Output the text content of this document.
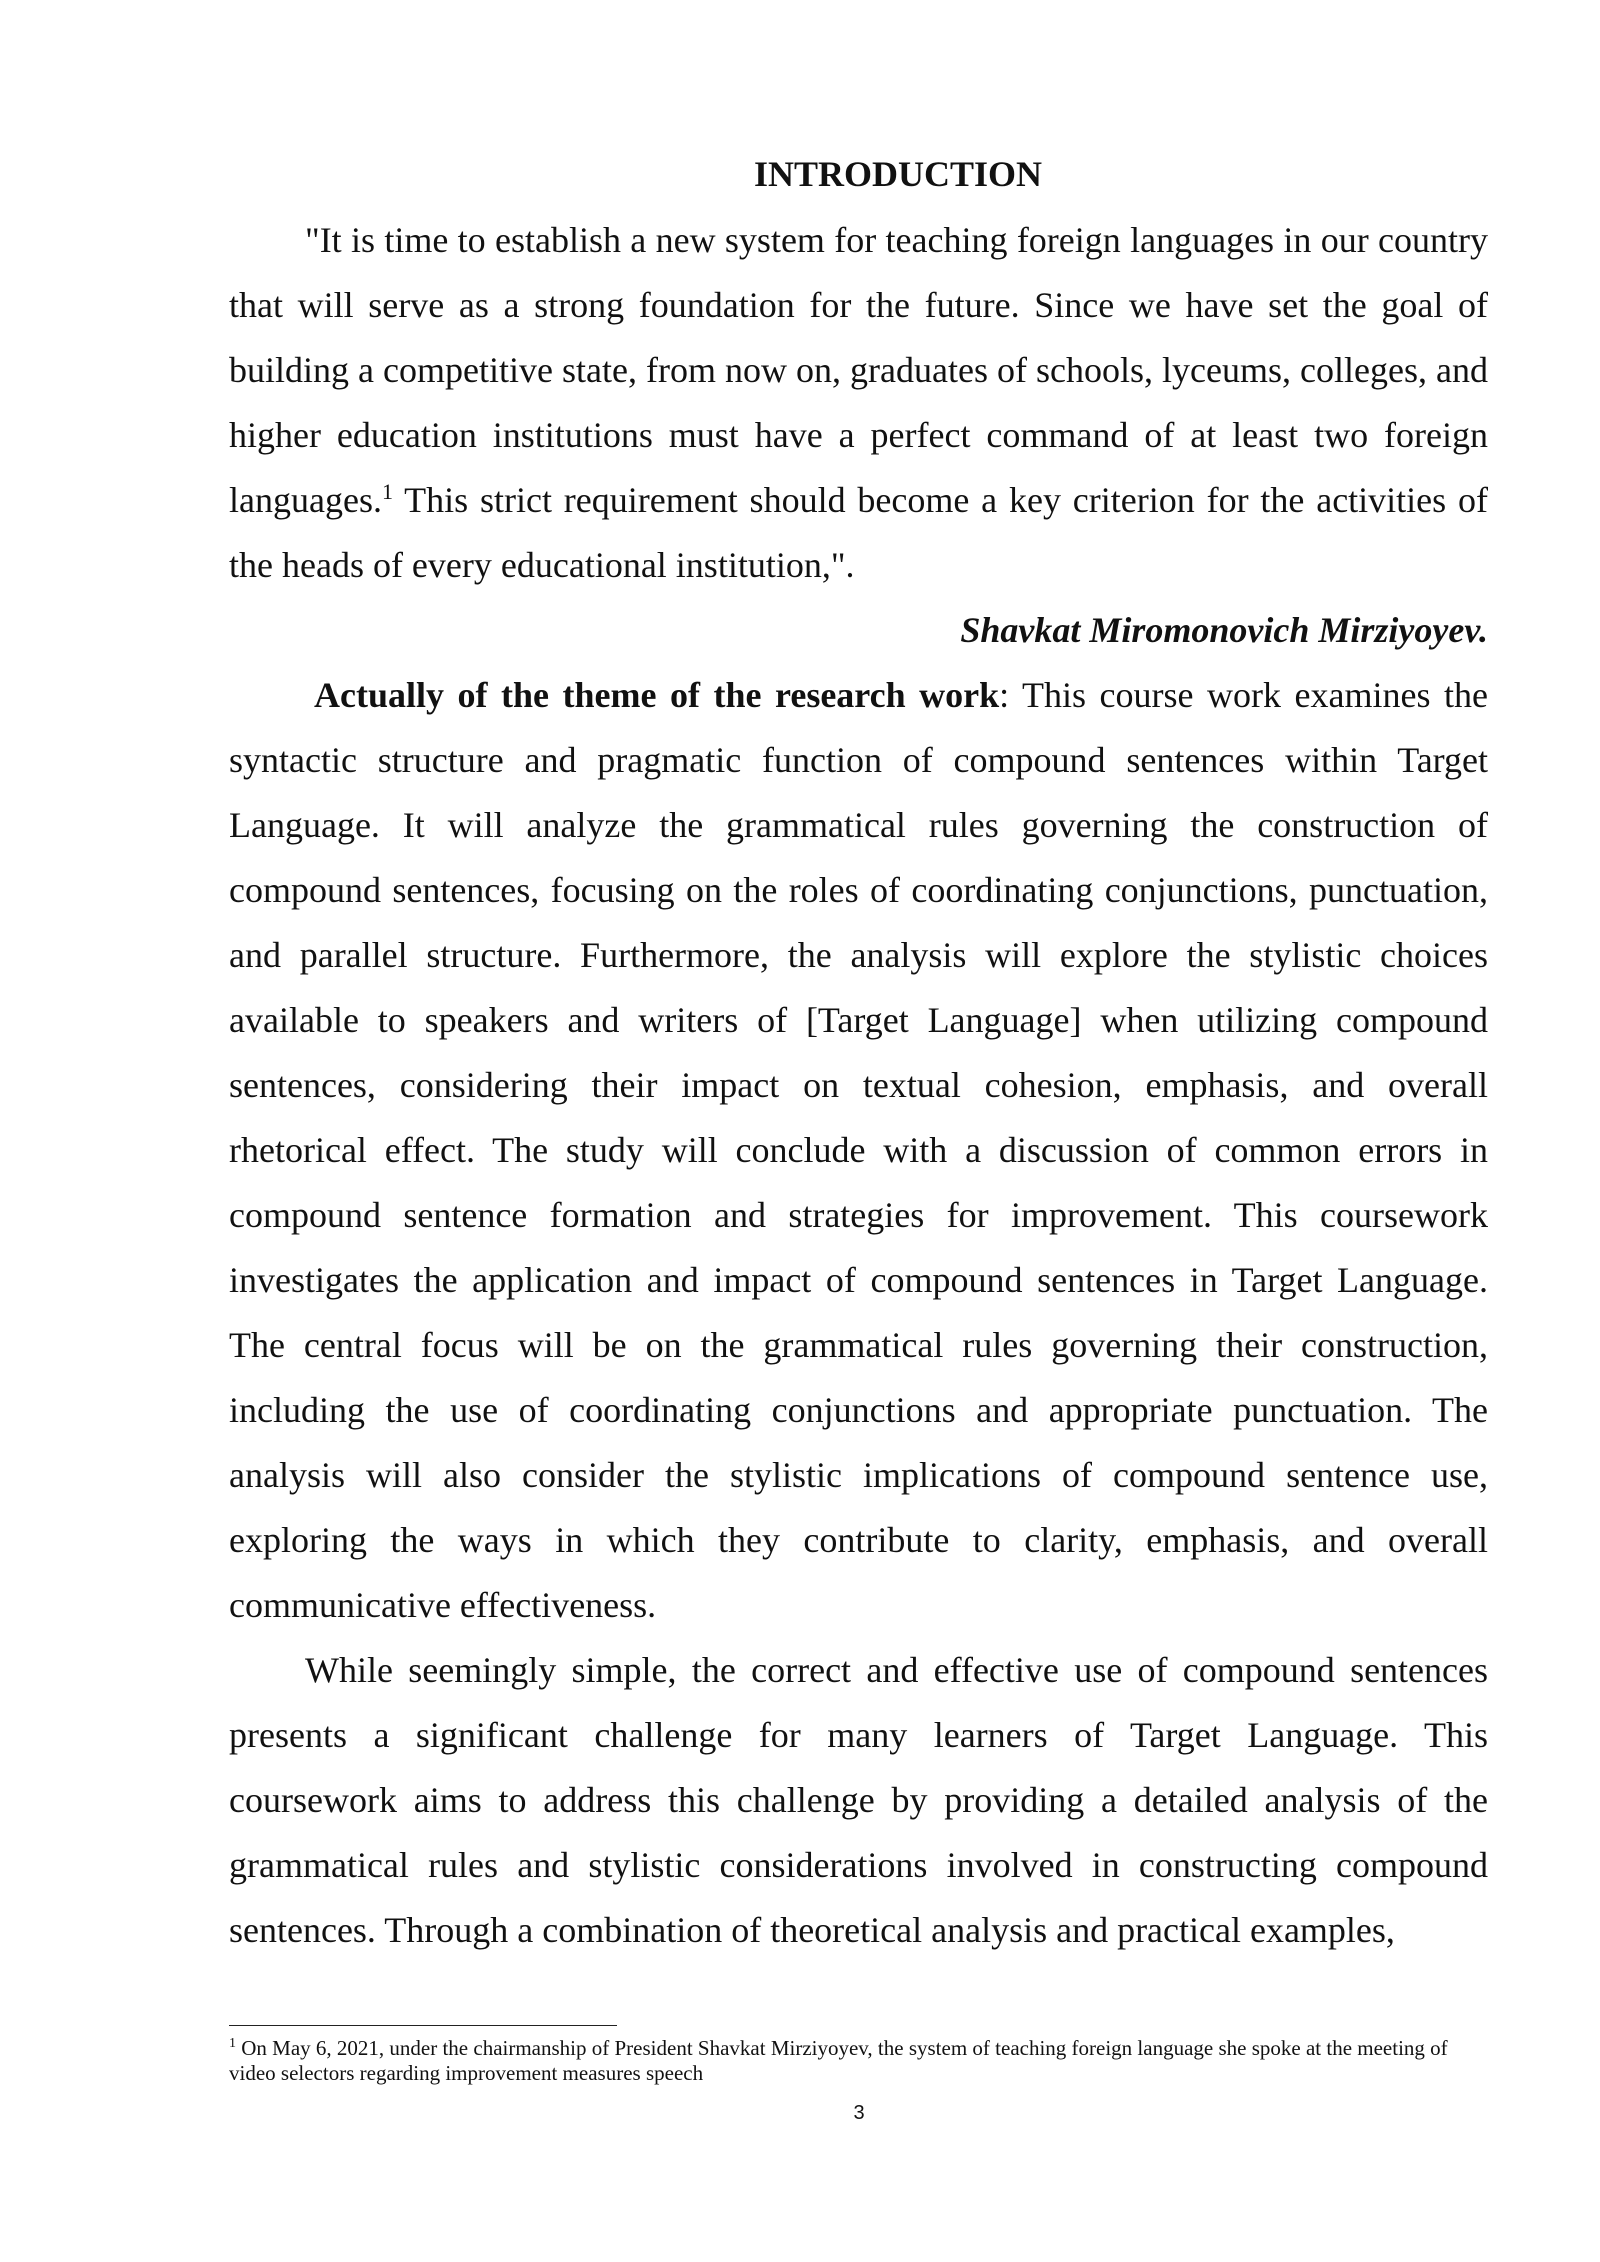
INTRODUCTION

"It is time to establish a new system for teaching foreign languages in our country that will serve as a strong foundation for the future. Since we have set the goal of building a competitive state, from now on, graduates of schools, lyceums, colleges, and higher education institutions must have a perfect command of at least two foreign languages.$^1$ This strict requirement should become a key criterion for the activities of the heads of every educational institution,".

Shavkat Miromonovich Mirziyoyev.

Actually of the theme of the research work: This course work examines the syntactic structure and pragmatic function of compound sentences within Target Language. It will analyze the grammatical rules governing the construction of compound sentences, focusing on the roles of coordinating conjunctions, punctuation, and parallel structure. Furthermore, the analysis will explore the stylistic choices available to speakers and writers of [Target Language] when utilizing compound sentences, considering their impact on textual cohesion, emphasis, and overall rhetorical effect. The study will conclude with a discussion of common errors in compound sentence formation and strategies for improvement. This coursework investigates the application and impact of compound sentences in Target Language. The central focus will be on the grammatical rules governing their construction, including the use of coordinating conjunctions and appropriate punctuation. The analysis will also consider the stylistic implications of compound sentence use, exploring the ways in which they contribute to clarity, emphasis, and overall communicative effectiveness.

While seemingly simple, the correct and effective use of compound sentences presents a significant challenge for many learners of Target Language. This coursework aims to address this challenge by providing a detailed analysis of the grammatical rules and stylistic considerations involved in constructing compound sentences. Through a combination of theoretical analysis and practical examples,

$^1$ On May 6, 2021, under the chairmanship of President Shavkat Mirziyoyev, the system of teaching foreign language she spoke at the meeting of video selectors regarding improvement measures speech

3
